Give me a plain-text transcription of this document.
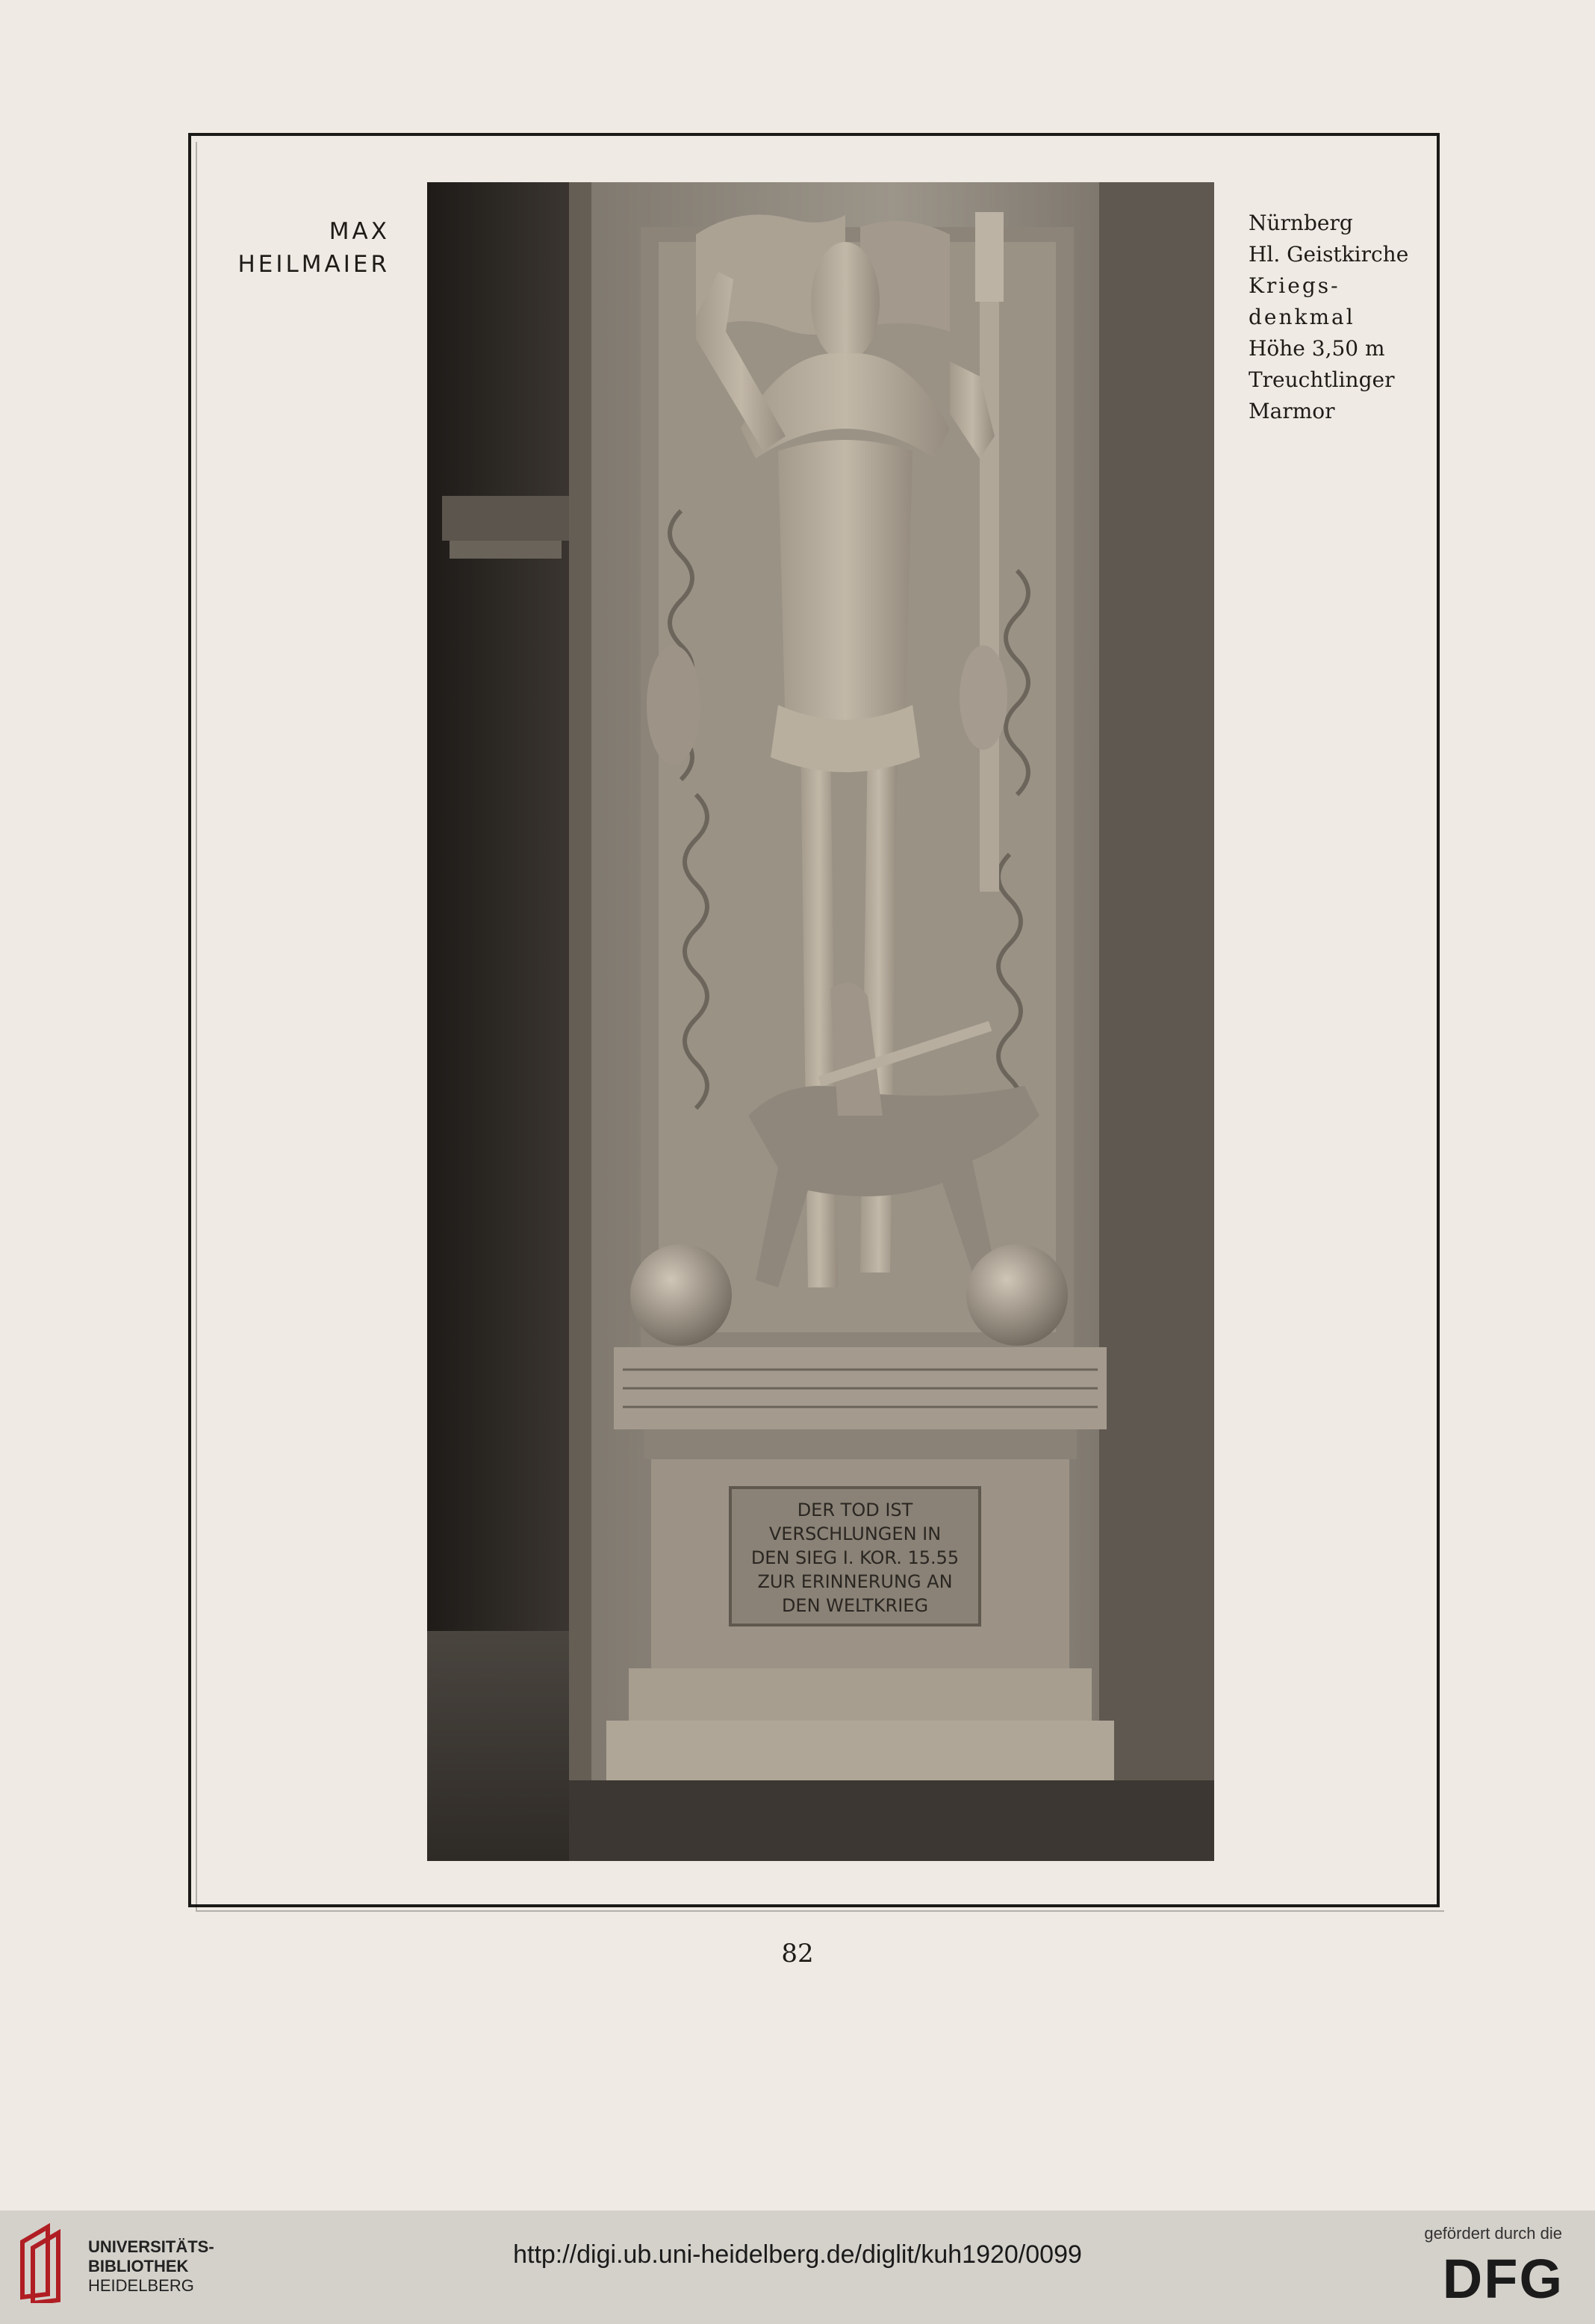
MAX
HEILMAIER
Nürnberg
Hl. Geistkirche
Kriegs-
denkmal
Höhe 3,50 m
Treuchtlinger
Marmor
DER TOD IST
VERSCHLUNGEN IN
DEN SIEG I. KOR. 15.55
ZUR ERINNERUNG AN
DEN WELTKRIEG
82
UNIVERSITÄTS-
BIBLIOTHEK
HEIDELBERG
http://digi.ub.uni-heidelberg.de/diglit/kuh1920/0099
gefördert durch die
DFG
